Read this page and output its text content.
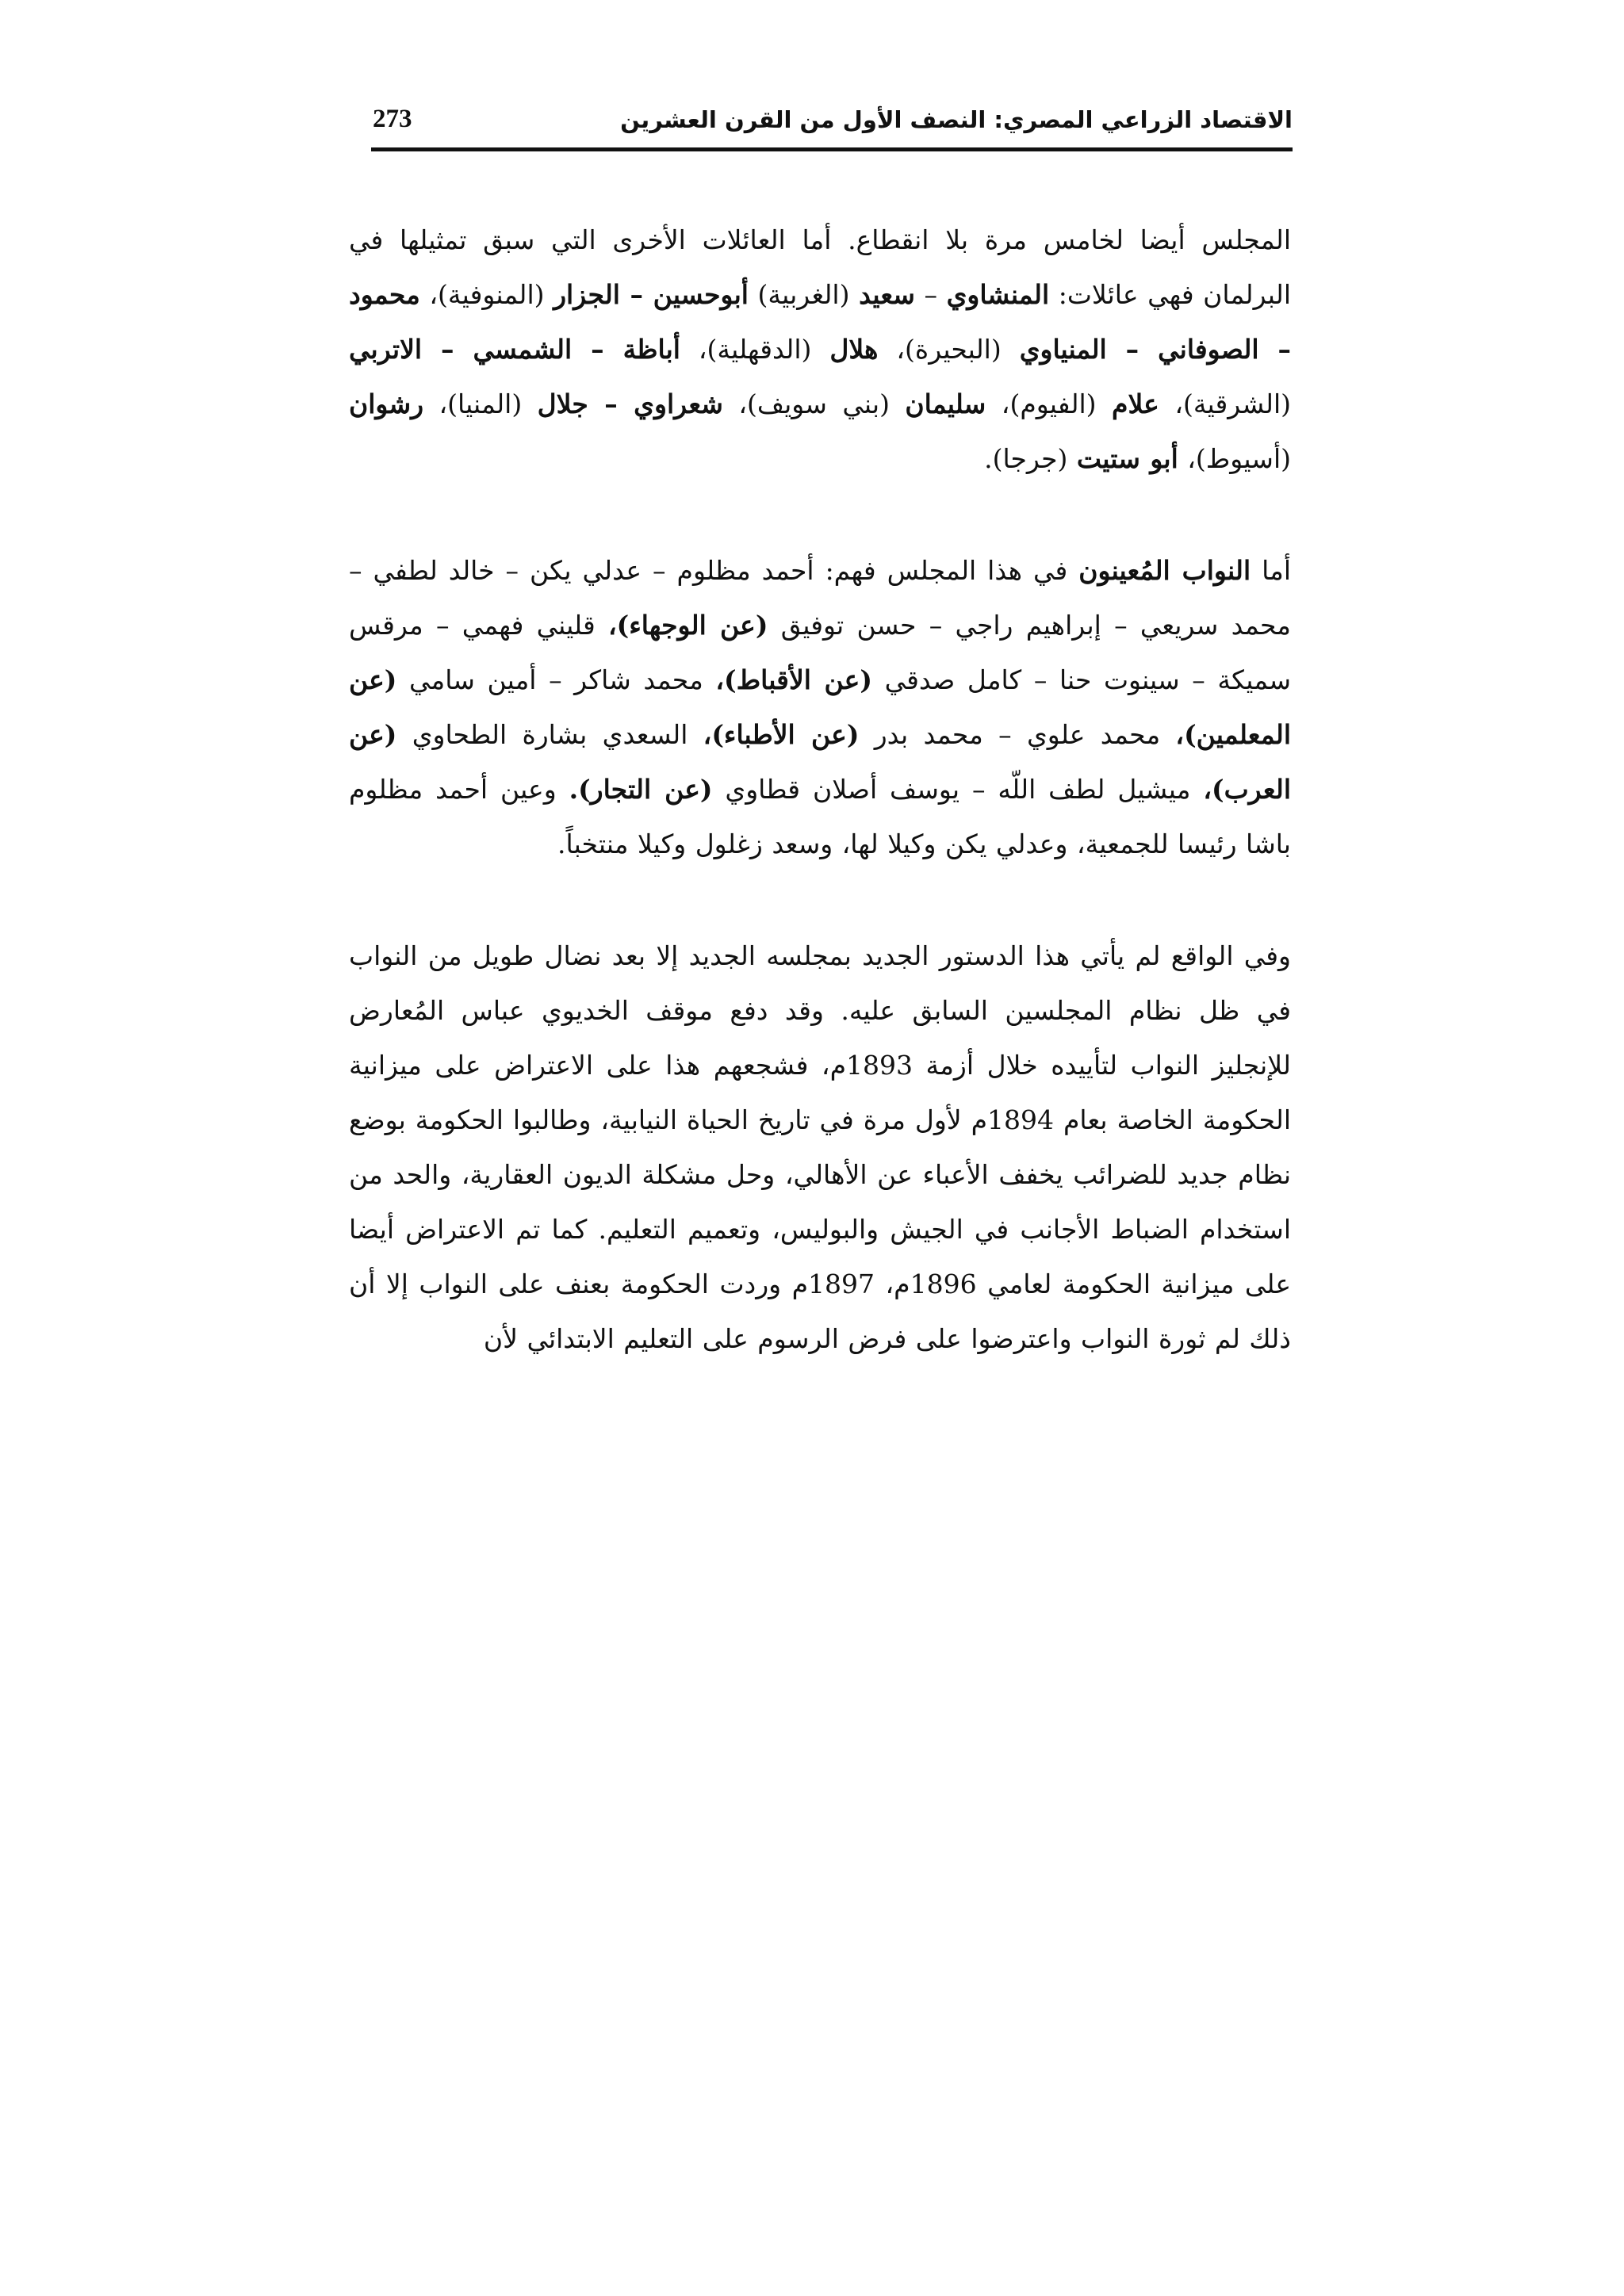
الاقتصاد الزراعي المصري: النصف الأول من القرن العشرين
273

المجلس أيضا لخامس مرة بلا انقطاع. أما العائلات الأخرى التي سبق تمثيلها في البرلمان فهي عائلات: المنشاوي – سعيد (الغربية) أبوحسين – الجزار (المنوفية)، محمود – الصوفاني – المنياوي (البحيرة)، هلال (الدقهلية)، أباظة – الشمسي – الاتربي (الشرقية)، علام (الفيوم)، سليمان (بني سويف)، شعراوي – جلال (المنيا)، رشوان (أسيوط)، أبو ستيت (جرجا).

أما النواب المُعينون في هذا المجلس فهم: أحمد مظلوم – عدلي يكن – خالد لطفي – محمد سريعي – إبراهيم راجي – حسن توفيق (عن الوجهاء)، قليني فهمي – مرقس سميكة – سينوت حنا – كامل صدقي (عن الأقباط)، محمد شاكر – أمين سامي (عن المعلمين)، محمد علوي – محمد بدر (عن الأطباء)، السعدي بشارة الطحاوي (عن العرب)، ميشيل لطف اللّه – يوسف أصلان قطاوي (عن التجار). وعين أحمد مظلوم باشا رئيسا للجمعية، وعدلي يكن وكيلا لها، وسعد زغلول وكيلا منتخباً.

وفي الواقع لم يأتي هذا الدستور الجديد بمجلسه الجديد إلا بعد نضال طويل من النواب في ظل نظام المجلسين السابق عليه. وقد دفع موقف الخديوي عباس المُعارض للإنجليز النواب لتأييده خلال أزمة 1893م، فشجعهم هذا على الاعتراض على ميزانية الحكومة الخاصة بعام 1894م لأول مرة في تاريخ الحياة النيابية، وطالبوا الحكومة بوضع نظام جديد للضرائب يخفف الأعباء عن الأهالي، وحل مشكلة الديون العقارية، والحد من استخدام الضباط الأجانب في الجيش والبوليس، وتعميم التعليم. كما تم الاعتراض أيضا على ميزانية الحكومة لعامي 1896م، 1897م وردت الحكومة بعنف على النواب إلا أن ذلك لم ثورة النواب واعترضوا على فرض الرسوم على التعليم الابتدائي لأن
